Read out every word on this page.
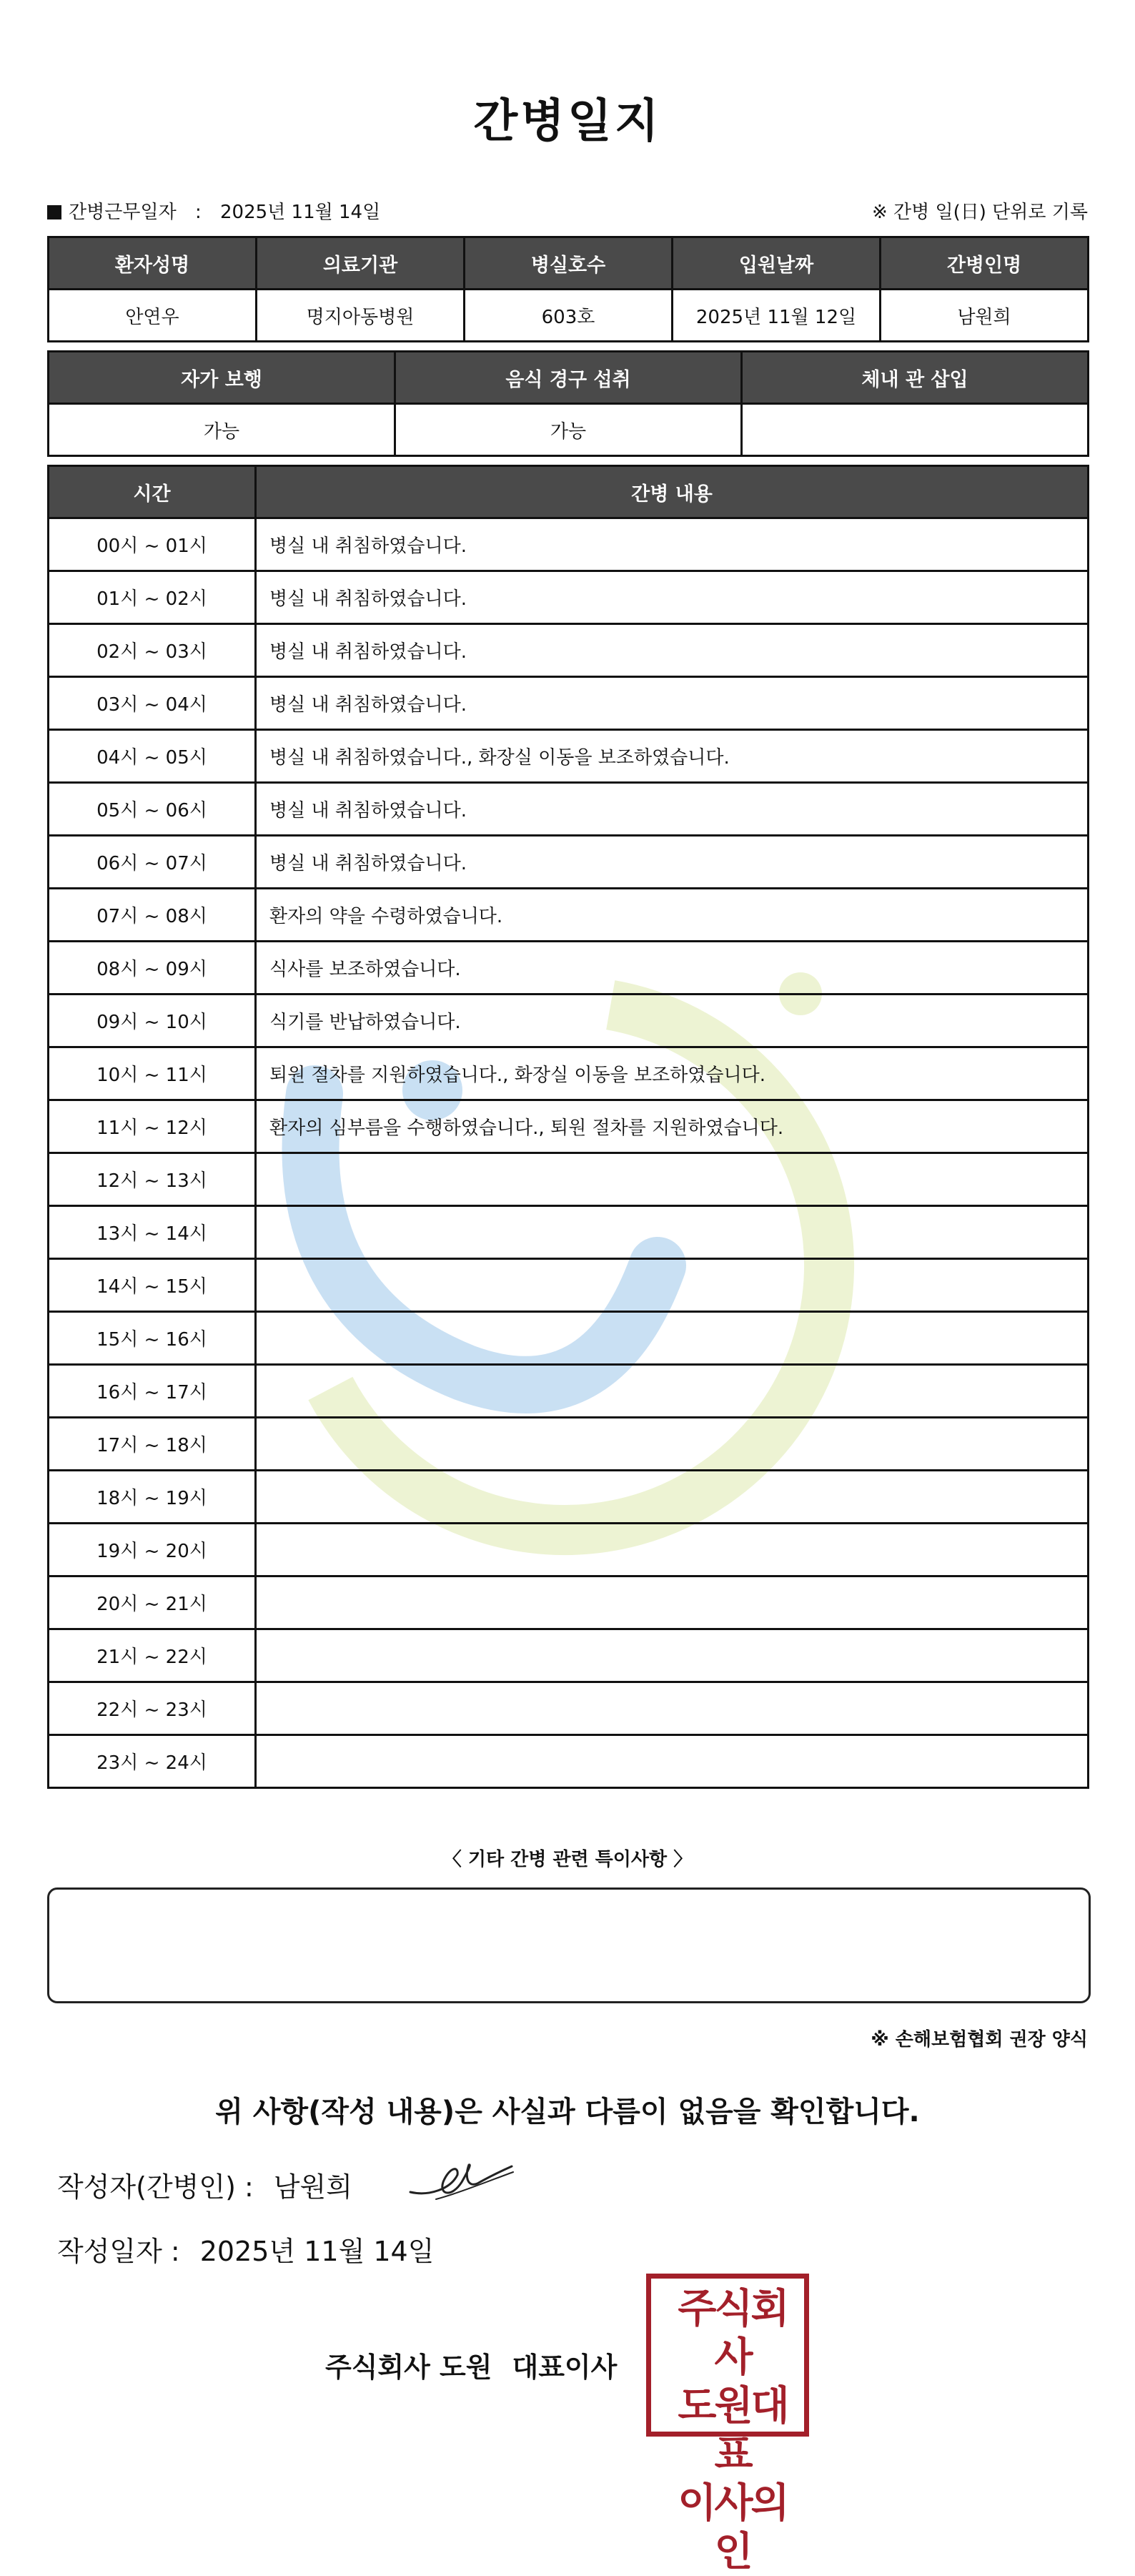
간병일지
간병근무일자 : 2025년 11월 14일	※ 간병 일(日) 단위로 기록
환자성명	의료기관	병실호수	입원날짜	간병인명
안연우	명지아동병원	603호	2025년 11월 12일	남원희
자가 보행	음식 경구 섭취	체내 관 삽입
가능	가능	
시간	간병 내용
00시 ~ 01시	병실 내 취침하였습니다.
01시 ~ 02시	병실 내 취침하였습니다.
02시 ~ 03시	병실 내 취침하였습니다.
03시 ~ 04시	병실 내 취침하였습니다.
04시 ~ 05시	병실 내 취침하였습니다., 화장실 이동을 보조하였습니다.
05시 ~ 06시	병실 내 취침하였습니다.
06시 ~ 07시	병실 내 취침하였습니다.
07시 ~ 08시	환자의 약을 수령하였습니다.
08시 ~ 09시	식사를 보조하였습니다.
09시 ~ 10시	식기를 반납하였습니다.
10시 ~ 11시	퇴원 절차를 지원하였습니다., 화장실 이동을 보조하였습니다.
11시 ~ 12시	환자의 심부름을 수행하였습니다., 퇴원 절차를 지원하였습니다.
12시 ~ 13시	
13시 ~ 14시	
14시 ~ 15시	
15시 ~ 16시	
16시 ~ 17시	
17시 ~ 18시	
18시 ~ 19시	
19시 ~ 20시	
20시 ~ 21시	
21시 ~ 22시	
22시 ~ 23시	
23시 ~ 24시	
〈 기타 간병 관련 특이사항 〉
※ 손해보험협회 권장 양식
위 사항(작성 내용)은 사실과 다름이 없음을 확인합니다.
작성자(간병인) : 남원희
작성일자 : 2025년 11월 14일
주식회사 도원 대표이사
주식회사
도원대표
이사의인
